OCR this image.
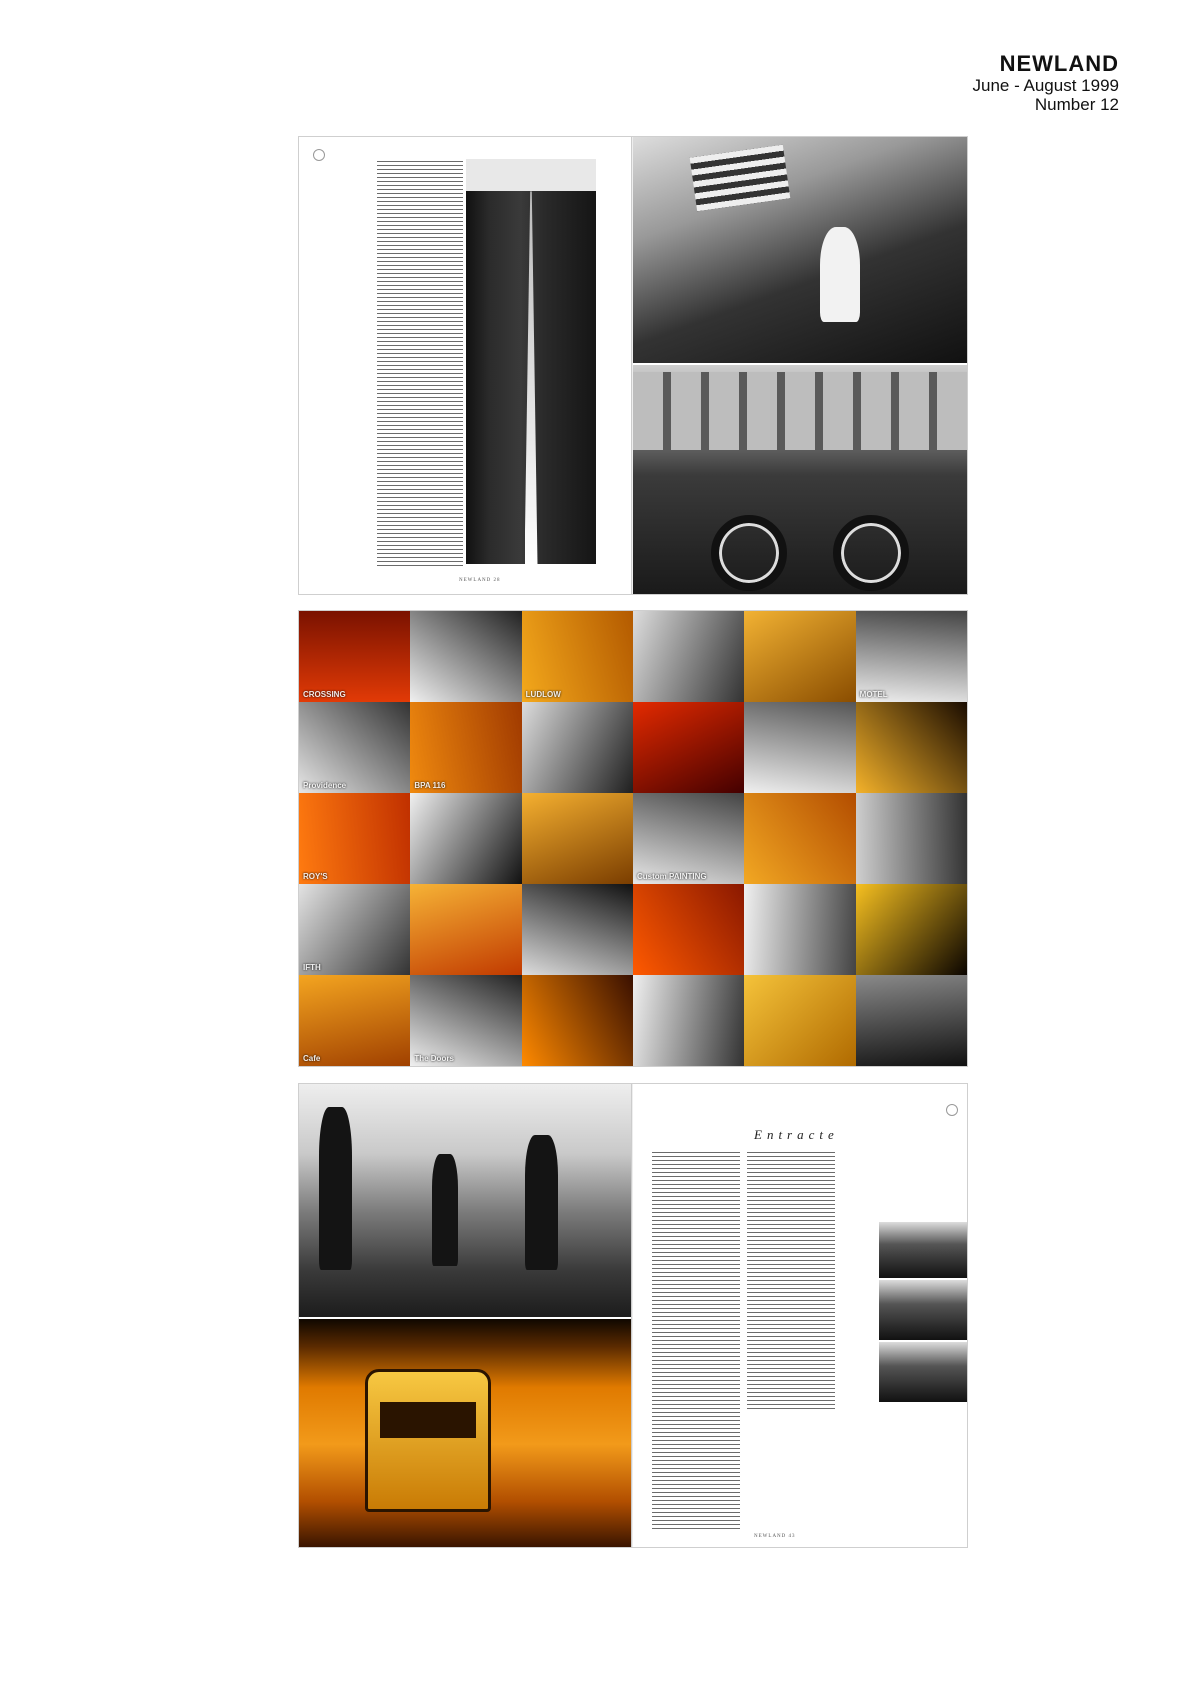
NEWLAND
June - August 1999
Number 12
NEWLAND 28
CROSSING	LUDLOW	MOTEL
Providence	BPA 116
ROY'S	Custom PAINTING
IFTH
Cafe	The Doors
Entracte
NEWLAND 43
